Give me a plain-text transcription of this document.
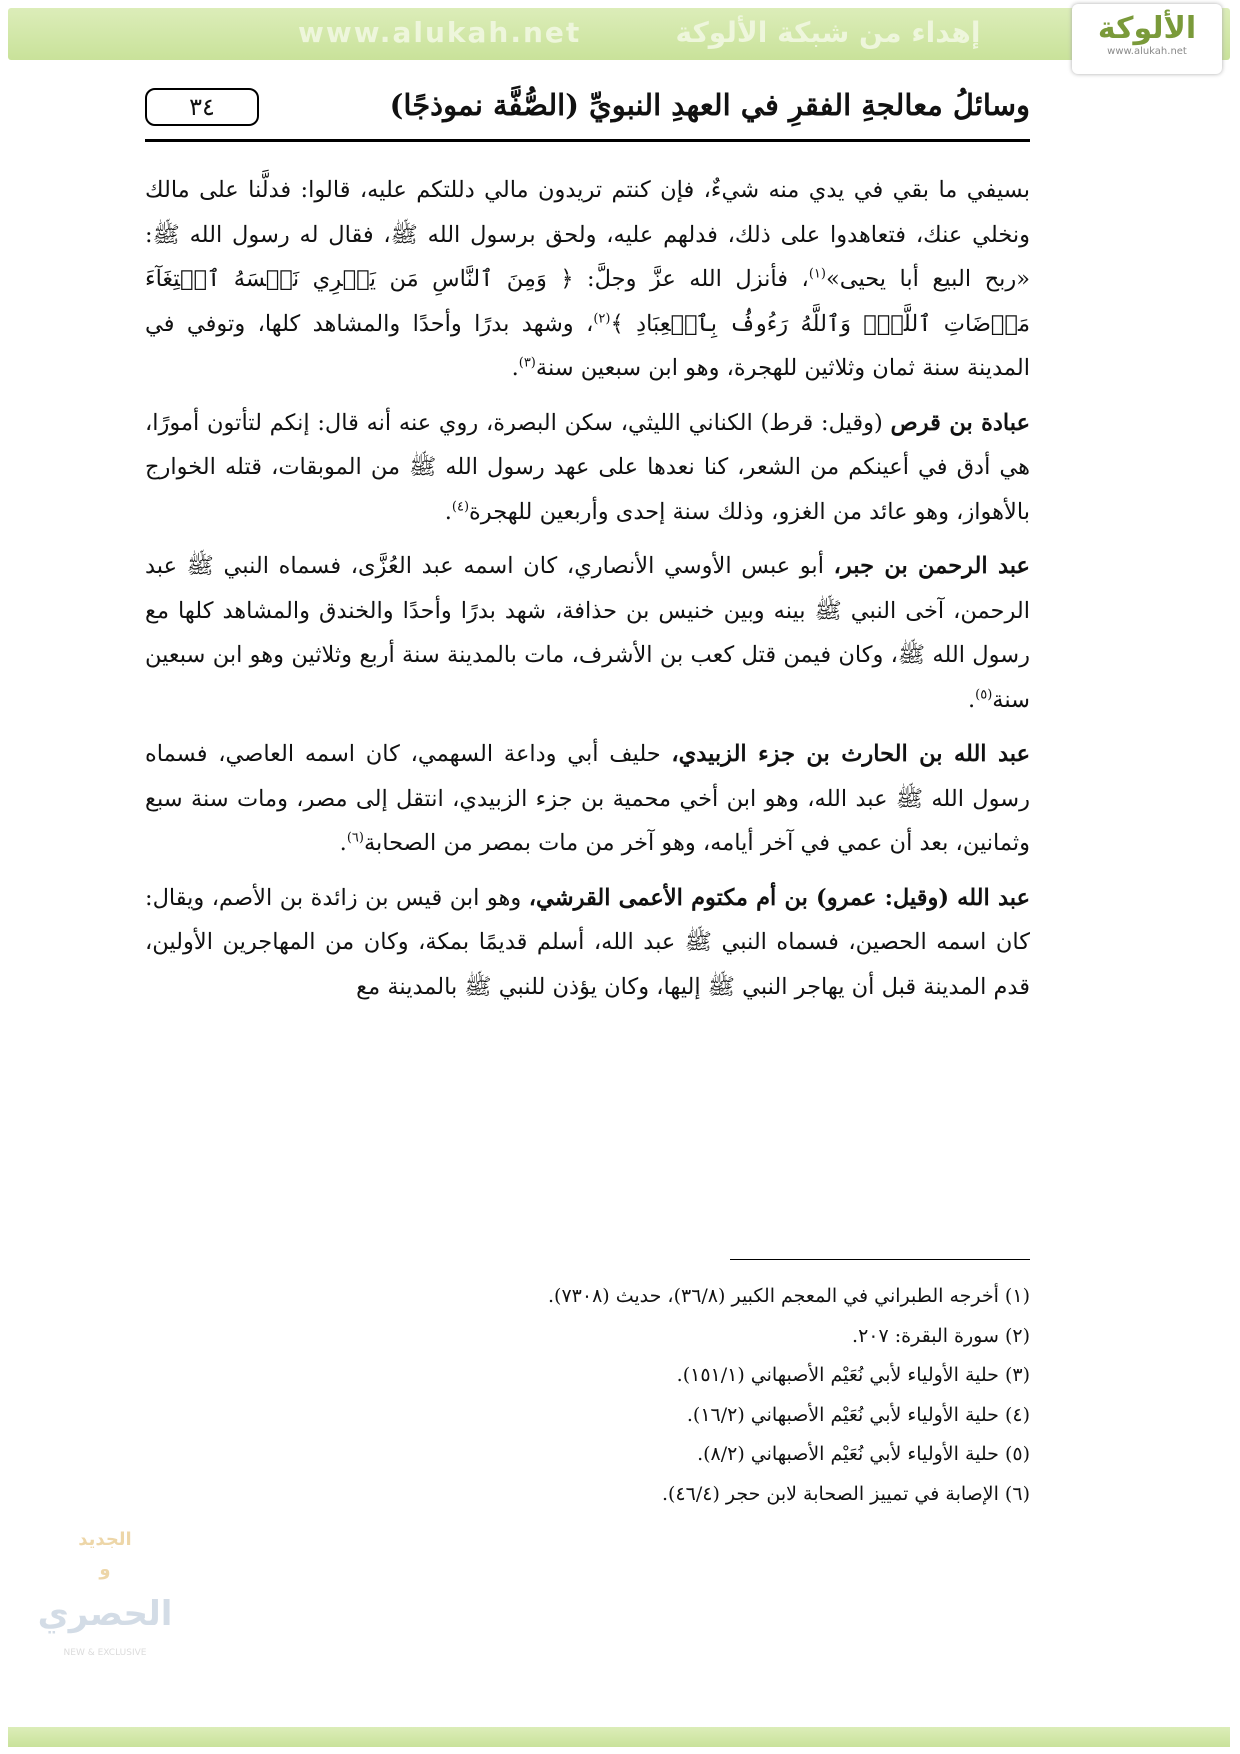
www.alukah.net	إهداء من شبكة الألوكة	الألوكة
www.alukah.net
٣٤	وسائلُ معالجةِ الفقرِ في العهدِ النبويِّ (الصُّفَّة نموذجًا)

بسيفي ما بقي في يدي منه شيءٌ، فإن كنتم تريدون مالي دللتكم عليه، قالوا: فدلَّنا على مالك ونخلي عنك، فتعاهدوا على ذلك، فدلهم عليه، ولحق برسول الله ﷺ، فقال له رسول الله ﷺ: «ربح البيع أبا يحيى»$^{(١)}$، فأنزل الله عزَّ وجلَّ: ﴿ وَمِنَ ٱلنَّاسِ مَن يَشۡرِي نَفۡسَهُ ٱبۡتِغَآءَ مَرۡضَاتِ ٱللَّهِۚ وَٱللَّهُ رَءُوفُۢ بِٱلۡعِبَادِ ﴾$^{(٢)}$، وشهد بدرًا وأحدًا والمشاهد كلها، وتوفي في المدينة سنة ثمان وثلاثين للهجرة، وهو ابن سبعين سنة$^{(٣)}$.

عبادة بن قرص (وقيل: قرط) الكناني الليثي، سكن البصرة، روي عنه أنه قال: إنكم لتأتون أمورًا، هي أدق في أعينكم من الشعر، كنا نعدها على عهد رسول الله ﷺ من الموبقات، قتله الخوارج بالأهواز، وهو عائد من الغزو، وذلك سنة إحدى وأربعين للهجرة$^{(٤)}$.

عبد الرحمن بن جبر، أبو عبس الأوسي الأنصاري، كان اسمه عبد العُزَّى، فسماه النبي ﷺ عبد الرحمن، آخى النبي ﷺ بينه وبين خنيس بن حذافة، شهد بدرًا وأحدًا والخندق والمشاهد كلها مع رسول الله ﷺ، وكان فيمن قتل كعب بن الأشرف، مات بالمدينة سنة أربع وثلاثين وهو ابن سبعين سنة$^{(٥)}$.

عبد الله بن الحارث بن جزء الزبيدي، حليف أبي وداعة السهمي، كان اسمه العاصي، فسماه رسول الله ﷺ عبد الله، وهو ابن أخي محمية بن جزء الزبيدي، انتقل إلى مصر، ومات سنة سبع وثمانين، بعد أن عمي في آخر أيامه، وهو آخر من مات بمصر من الصحابة$^{(٦)}$.

عبد الله (وقيل: عمرو) بن أم مكتوم الأعمى القرشي، وهو ابن قيس بن زائدة بن الأصم، ويقال: كان اسمه الحصين، فسماه النبي ﷺ عبد الله، أسلم قديمًا بمكة، وكان من المهاجرين الأولين، قدم المدينة قبل أن يهاجر النبي ﷺ إليها، وكان يؤذن للنبي ﷺ بالمدينة مع

(١) أخرجه الطبراني في المعجم الكبير (٣٦/٨)، حديث (٧٣٠٨).
(٢) سورة البقرة: ٢٠٧.
(٣) حلية الأولياء لأبي نُعَيْم الأصبهاني (١٥١/١).
(٤) حلية الأولياء لأبي نُعَيْم الأصبهاني (١٦/٢).
(٥) حلية الأولياء لأبي نُعَيْم الأصبهاني (٨/٢).
(٦) الإصابة في تمييز الصحابة لابن حجر (٤٦/٤).
الجديد
و
الحصري
NEW & EXCLUSIVE
